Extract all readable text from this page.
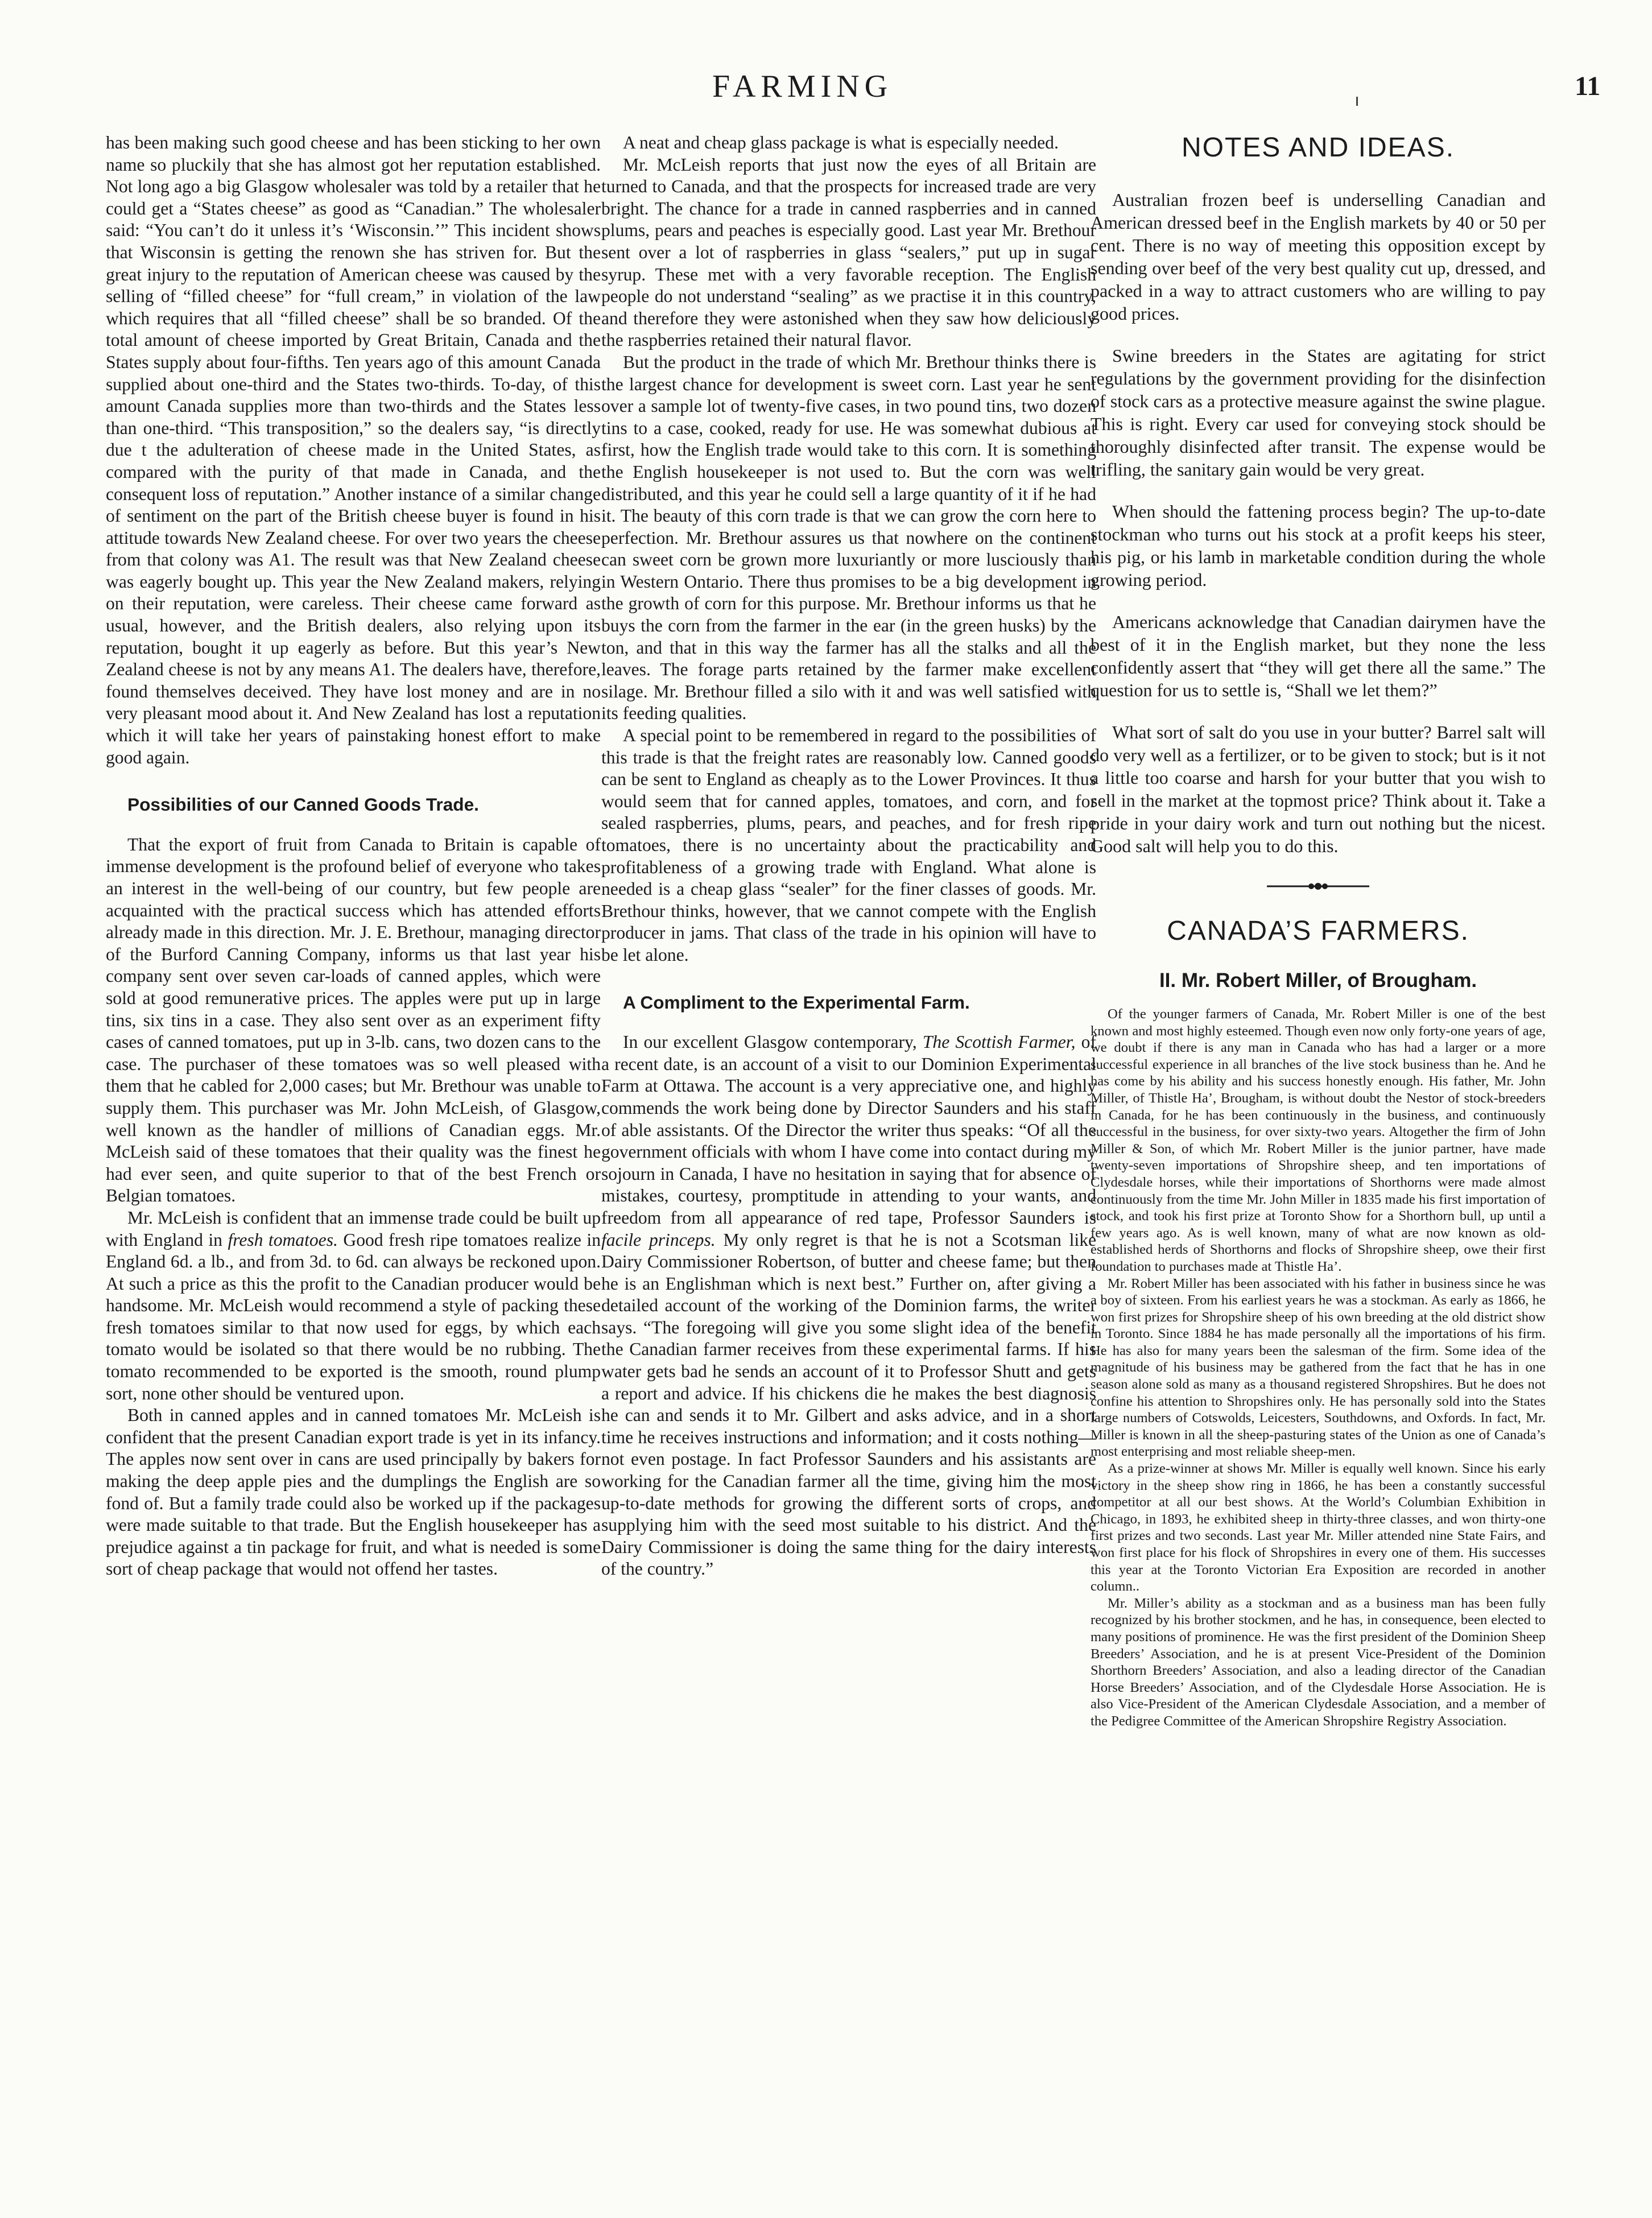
FARMING	11

has been making such good cheese and has been sticking to her own name so pluckily that she has almost got her reputation established. Not long ago a big Glasgow wholesaler was told by a retailer that he could get a “States cheese” as good as “Canadian.” The wholesaler said: “You can’t do it unless it’s ‘Wisconsin.’” This incident shows that Wisconsin is getting the renown she has striven for. But the great injury to the reputation of American cheese was caused by the selling of “filled cheese” for “full cream,” in violation of the law which requires that all “filled cheese” shall be so branded. Of the total amount of cheese imported by Great Britain, Canada and the States supply about four-fifths. Ten years ago of this amount Canada supplied about one-third and the States two-thirds. To-day, of this amount Canada supplies more than two-thirds and the States less than one-third. “This transposition,” so the dealers say, “is directly due t the adulteration of cheese made in the United States, as compared with the purity of that made in Canada, and the consequent loss of reputation.” Another instance of a similar change of sentiment on the part of the British cheese buyer is found in his attitude towards New Zealand cheese. For over two years the cheese from that colony was A1. The result was that New Zealand cheese was eagerly bought up. This year the New Zealand makers, relying on their reputation, were careless. Their cheese came forward as usual, however, and the British dealers, also relying upon its reputation, bought it up eagerly as before. But this year’s New Zealand cheese is not by any means A1. The dealers have, therefore, found themselves deceived. They have lost money and are in no very pleasant mood about it. And New Zealand has lost a reputation which it will take her years of painstaking honest effort to make good again.

Possibilities of our Canned Goods Trade.

That the export of fruit from Canada to Britain is capable of immense development is the profound belief of everyone who takes an interest in the well-being of our country, but few people are acquainted with the practical success which has attended efforts already made in this direction. Mr. J. E. Brethour, managing director of the Burford Canning Company, informs us that last year his company sent over seven car-loads of canned apples, which were sold at good remunerative prices. The apples were put up in large tins, six tins in a case. They also sent over as an experiment fifty cases of canned tomatoes, put up in 3-lb. cans, two dozen cans to the case. The purchaser of these tomatoes was so well pleased with them that he cabled for 2,000 cases; but Mr. Brethour was unable to supply them. This purchaser was Mr. John McLeish, of Glasgow, well known as the handler of millions of Canadian eggs. Mr. McLeish said of these tomatoes that their quality was the finest he had ever seen, and quite superior to that of the best French or Belgian tomatoes.

Mr. McLeish is confident that an immense trade could be built up with England in fresh tomatoes. Good fresh ripe tomatoes realize in England 6d. a lb., and from 3d. to 6d. can always be reckoned upon. At such a price as this the profit to the Canadian producer would be handsome. Mr. McLeish would recommend a style of packing these fresh tomatoes similar to that now used for eggs, by which each tomato would be isolated so that there would be no rubbing. The tomato recommended to be exported is the smooth, round plump sort, none other should be ventured upon.

Both in canned apples and in canned tomatoes Mr. McLeish is confident that the present Canadian export trade is yet in its infancy. The apples now sent over in cans are used principally by bakers for making the deep apple pies and the dumplings the English are so fond of. But a family trade could also be worked up if the packages were made suitable to that trade. But the English housekeeper has a prejudice against a tin package for fruit, and what is needed is some sort of cheap package that would not offend her tastes.

A neat and cheap glass package is what is especially needed.

Mr. McLeish reports that just now the eyes of all Britain are turned to Canada, and that the prospects for increased trade are very bright. The chance for a trade in canned raspberries and in canned plums, pears and peaches is especially good. Last year Mr. Brethour sent over a lot of raspberries in glass “sealers,” put up in sugar syrup. These met with a very favorable reception. The English people do not understand “sealing” as we practise it in this country, and therefore they were astonished when they saw how deliciously the raspberries retained their natural flavor.

But the product in the trade of which Mr. Brethour thinks there is the largest chance for development is sweet corn. Last year he sent over a sample lot of twenty-five cases, in two pound tins, two dozen tins to a case, cooked, ready for use. He was somewhat dubious at first, how the English trade would take to this corn. It is something the English housekeeper is not used to. But the corn was well distributed, and this year he could sell a large quantity of it if he had it. The beauty of this corn trade is that we can grow the corn here to perfection. Mr. Brethour assures us that nowhere on the continent can sweet corn be grown more luxuriantly or more lusciously than in Western Ontario. There thus promises to be a big development in the growth of corn for this purpose. Mr. Brethour informs us that he buys the corn from the farmer in the ear (in the green husks) by the ton, and that in this way the farmer has all the stalks and all the leaves. The forage parts retained by the farmer make excellent silage. Mr. Brethour filled a silo with it and was well satisfied with its feeding qualities.

A special point to be remembered in regard to the possibilities of this trade is that the freight rates are reasonably low. Canned goods can be sent to England as cheaply as to the Lower Provinces. It thus would seem that for canned apples, tomatoes, and corn, and for sealed raspberries, plums, pears, and peaches, and for fresh ripe tomatoes, there is no uncertainty about the practicability and profitableness of a growing trade with England. What alone is needed is a cheap glass “sealer” for the finer classes of goods. Mr. Brethour thinks, however, that we cannot compete with the English producer in jams. That class of the trade in his opinion will have to be let alone.

A Compliment to the Experimental Farm.

In our excellent Glasgow contemporary, The Scottish Farmer, of a recent date, is an account of a visit to our Dominion Experimental Farm at Ottawa. The account is a very appreciative one, and highly commends the work being done by Director Saunders and his staff of able assistants. Of the Director the writer thus speaks: “Of all the government officials with whom I have come into contact during my sojourn in Canada, I have no hesitation in saying that for absence of mistakes, courtesy, promptitude in attending to your wants, and freedom from all appearance of red tape, Professor Saunders is facile princeps. My only regret is that he is not a Scotsman like Dairy Commissioner Robertson, of butter and cheese fame; but then he is an Englishman which is next best.” Further on, after giving a detailed account of the working of the Dominion farms, the writer says. “The foregoing will give you some slight idea of the benefit the Canadian farmer receives from these experimental farms. If his water gets bad he sends an account of it to Professor Shutt and gets a report and advice. If his chickens die he makes the best diagnosis he can and sends it to Mr. Gilbert and asks advice, and in a short time he receives instructions and information; and it costs nothing—not even postage. In fact Professor Saunders and his assistants are working for the Canadian farmer all the time, giving him the most up-to-date methods for growing the different sorts of crops, and supplying him with the seed most suitable to his district. And the Dairy Commissioner is doing the same thing for the dairy interests of the country.”

NOTES AND IDEAS.

Australian frozen beef is underselling Canadian and American dressed beef in the English markets by 40 or 50 per cent. There is no way of meeting this opposition except by sending over beef of the very best quality cut up, dressed, and packed in a way to attract customers who are willing to pay good prices.

Swine breeders in the States are agitating for strict regulations by the government providing for the disinfection of stock cars as a protective measure against the swine plague. This is right. Every car used for conveying stock should be thoroughly disinfected after transit. The expense would be trifling, the sanitary gain would be very great.

When should the fattening process begin? The up-to-date stockman who turns out his stock at a profit keeps his steer, his pig, or his lamb in marketable condition during the whole growing period.

Americans acknowledge that Canadian dairymen have the best of it in the English market, but they none the less confidently assert that “they will get there all the same.” The question for us to settle is, “Shall we let them?”

What sort of salt do you use in your butter? Barrel salt will do very well as a fertilizer, or to be given to stock; but is it not a little too coarse and harsh for your butter that you wish to sell in the market at the topmost price? Think about it. Take a pride in your dairy work and turn out nothing but the nicest. Good salt will help you to do this.

CANADA’S FARMERS.
II. Mr. Robert Miller, of Brougham.

Of the younger farmers of Canada, Mr. Robert Miller is one of the best known and most highly esteemed. Though even now only forty-one years of age, we doubt if there is any man in Canada who has had a larger or a more successful experience in all branches of the live stock business than he. And he has come by his ability and his success honestly enough. His father, Mr. John Miller, of Thistle Ha’, Brougham, is without doubt the Nestor of stock-breeders in Canada, for he has been continuously in the business, and continuously successful in the business, for over sixty-two years. Altogether the firm of John Miller & Son, of which Mr. Robert Miller is the junior partner, have made twenty-seven importations of Shropshire sheep, and ten importations of Clydesdale horses, while their importations of Shorthorns were made almost continuously from the time Mr. John Miller in 1835 made his first importation of stock, and took his first prize at Toronto Show for a Shorthorn bull, up until a few years ago. As is well known, many of what are now known as old-established herds of Shorthorns and flocks of Shropshire sheep, owe their first foundation to purchases made at Thistle Ha’.

Mr. Robert Miller has been associated with his father in business since he was a boy of sixteen. From his earliest years he was a stockman. As early as 1866, he won first prizes for Shropshire sheep of his own breeding at the old district show in Toronto. Since 1884 he has made personally all the importations of his firm. He has also for many years been the salesman of the firm. Some idea of the magnitude of his business may be gathered from the fact that he has in one season alone sold as many as a thousand registered Shropshires. But he does not confine his attention to Shropshires only. He has personally sold into the States large numbers of Cotswolds, Leicesters, Southdowns, and Oxfords. In fact, Mr. Miller is known in all the sheep-pasturing states of the Union as one of Canada’s most enterprising and most reliable sheep-men.

As a prize-winner at shows Mr. Miller is equally well known. Since his early victory in the sheep show ring in 1866, he has been a constantly successful competitor at all our best shows. At the World’s Columbian Exhibition in Chicago, in 1893, he exhibited sheep in thirty-three classes, and won thirty-one first prizes and two seconds. Last year Mr. Miller attended nine State Fairs, and won first place for his flock of Shropshires in every one of them. His successes this year at the Toronto Victorian Era Exposition are recorded in another column..

Mr. Miller’s ability as a stockman and as a business man has been fully recognized by his brother stockmen, and he has, in consequence, been elected to many positions of prominence. He was the first president of the Dominion Sheep Breeders’ Association, and he is at present Vice-President of the Dominion Shorthorn Breeders’ Association, and also a leading director of the Canadian Horse Breeders’ Association, and of the Clydesdale Horse Association. He is also Vice-President of the American Clydesdale Association, and a member of the Pedigree Committee of the American Shropshire Registry Association.
